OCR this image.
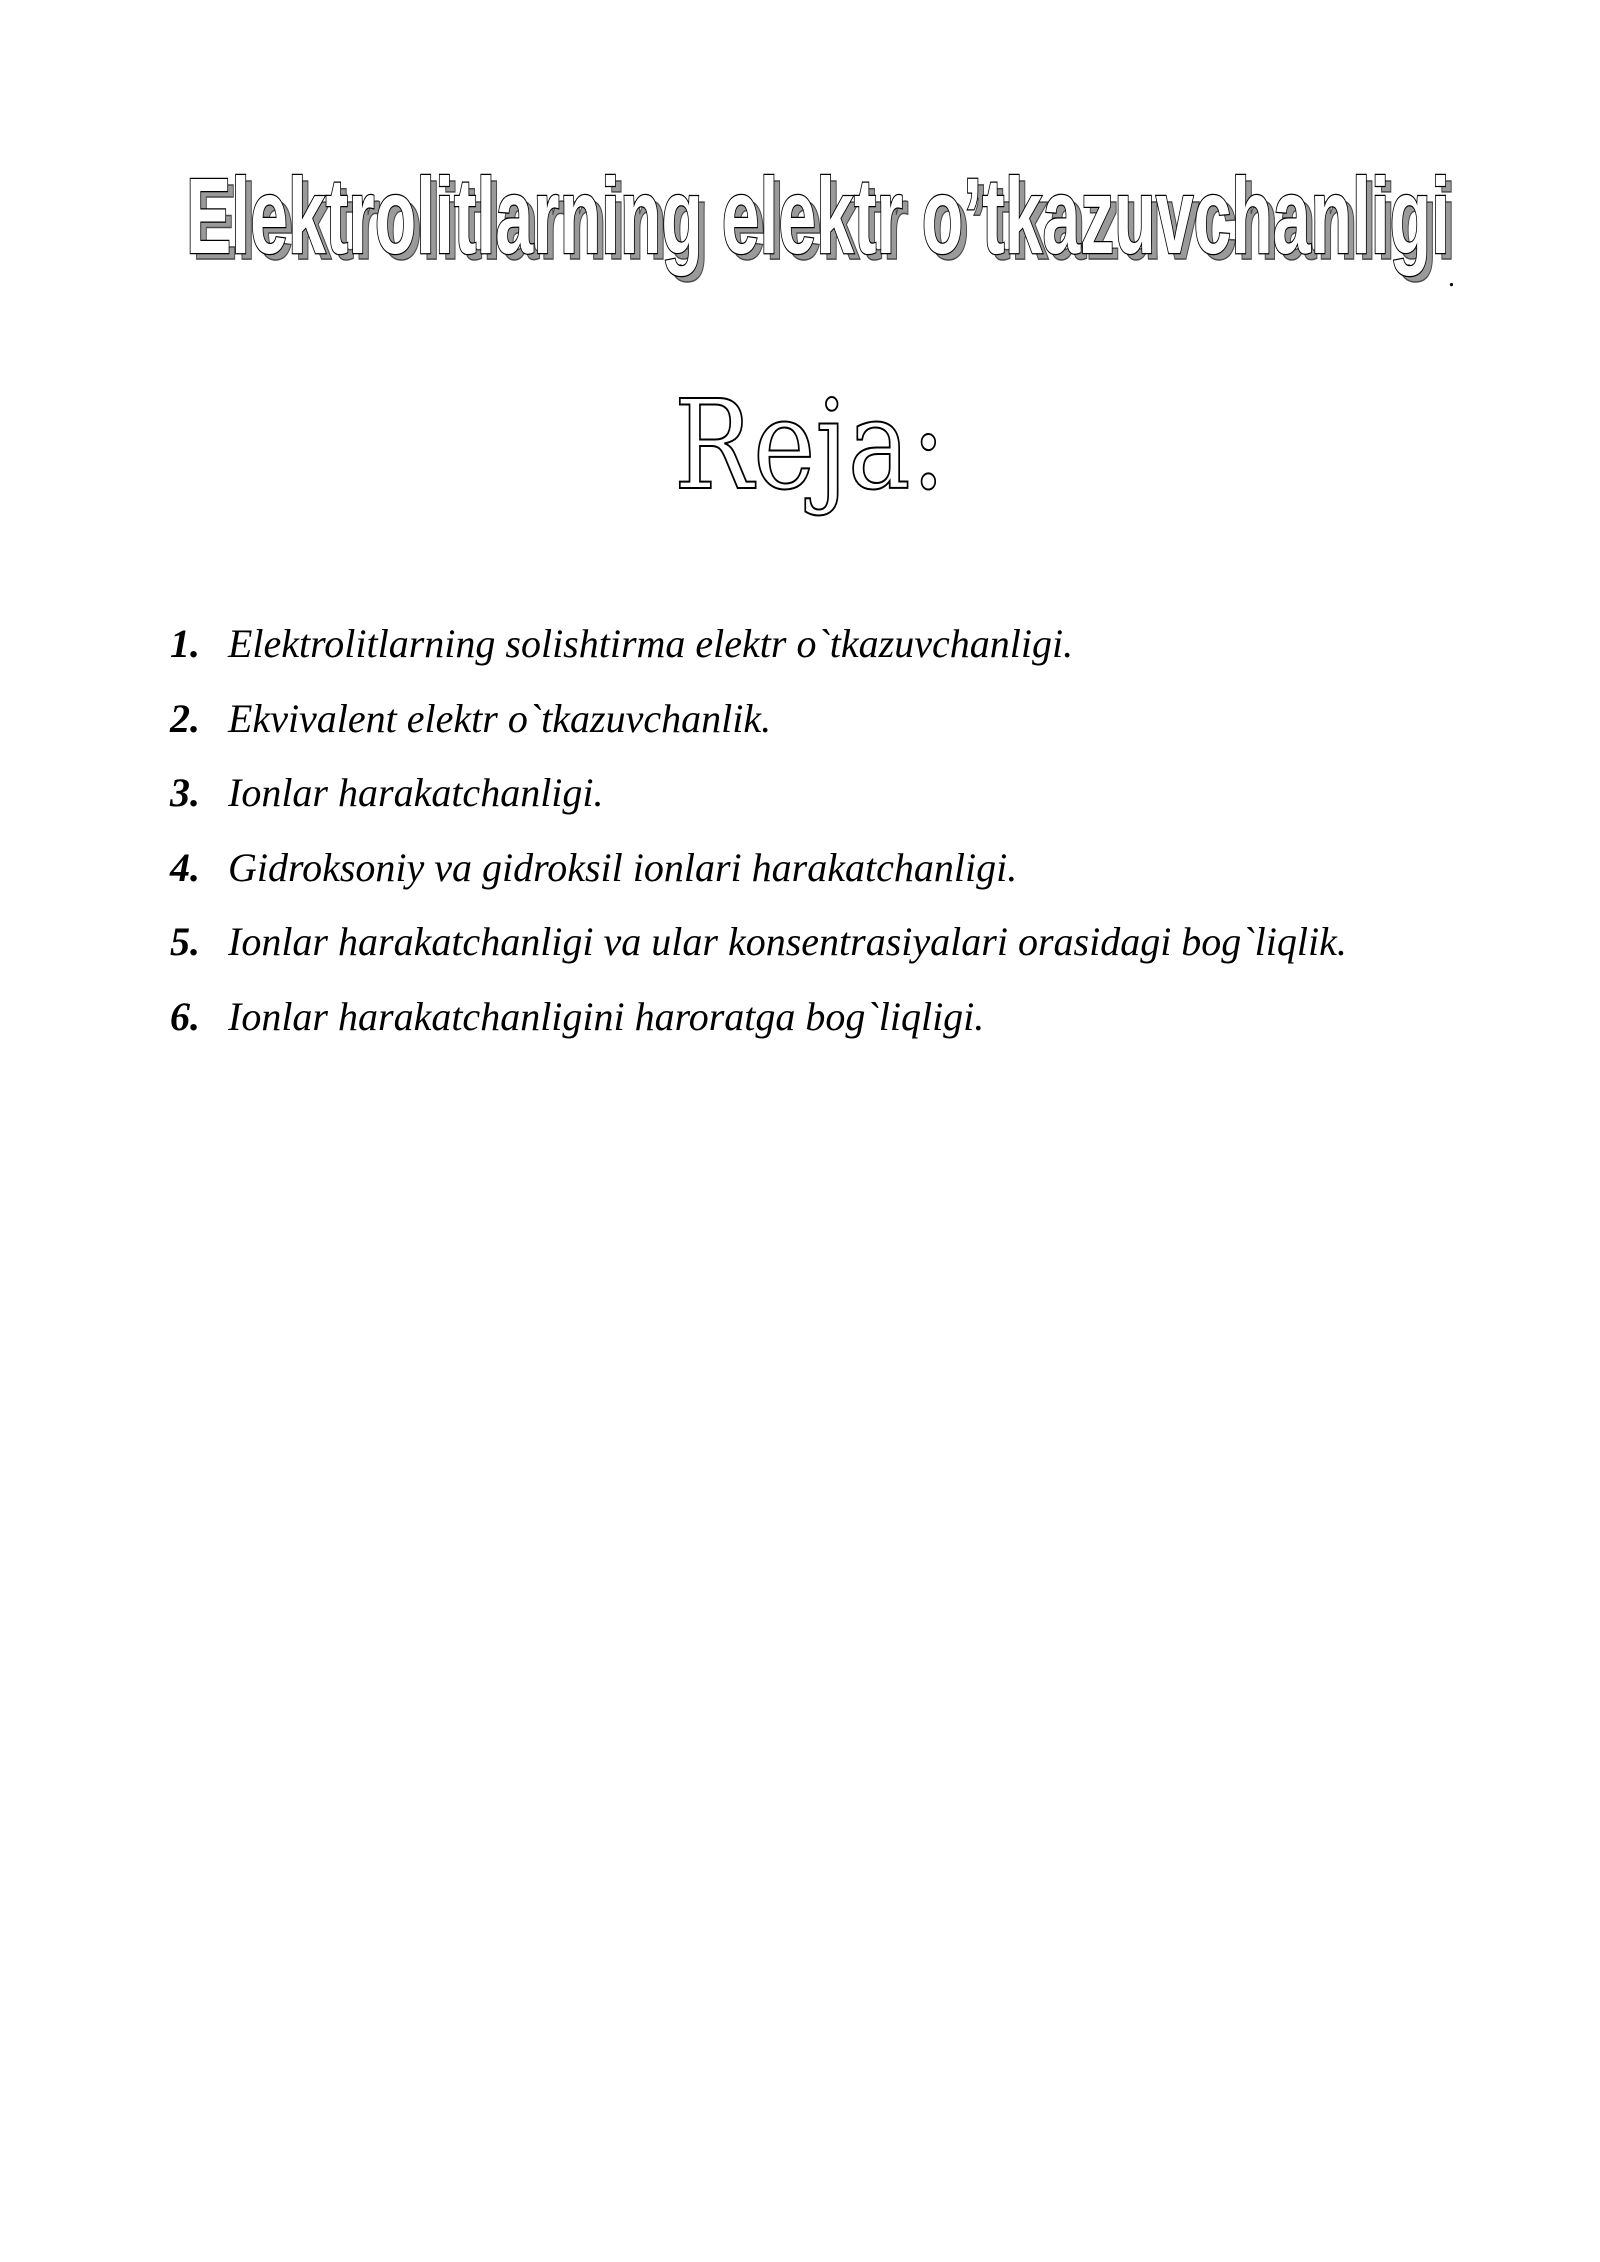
Elektrolitlarning elektr o’tkazuvchanligi
Elektrolitlarning elektr o’tkazuvchanligi
.
Reja:
1. Elektrolitlarning solishtirma elektr o`tkazuvchanligi.
2. Ekvivalent elektr o`tkazuvchanlik.
3. Ionlar harakatchanligi.
4. Gidroksoniy va gidroksil ionlari harakatchanligi.
5. Ionlar harakatchanligi va ular konsentrasiyalari orasidagi bog`liqlik.
6. Ionlar harakatchanligini haroratga bog`liqligi.
